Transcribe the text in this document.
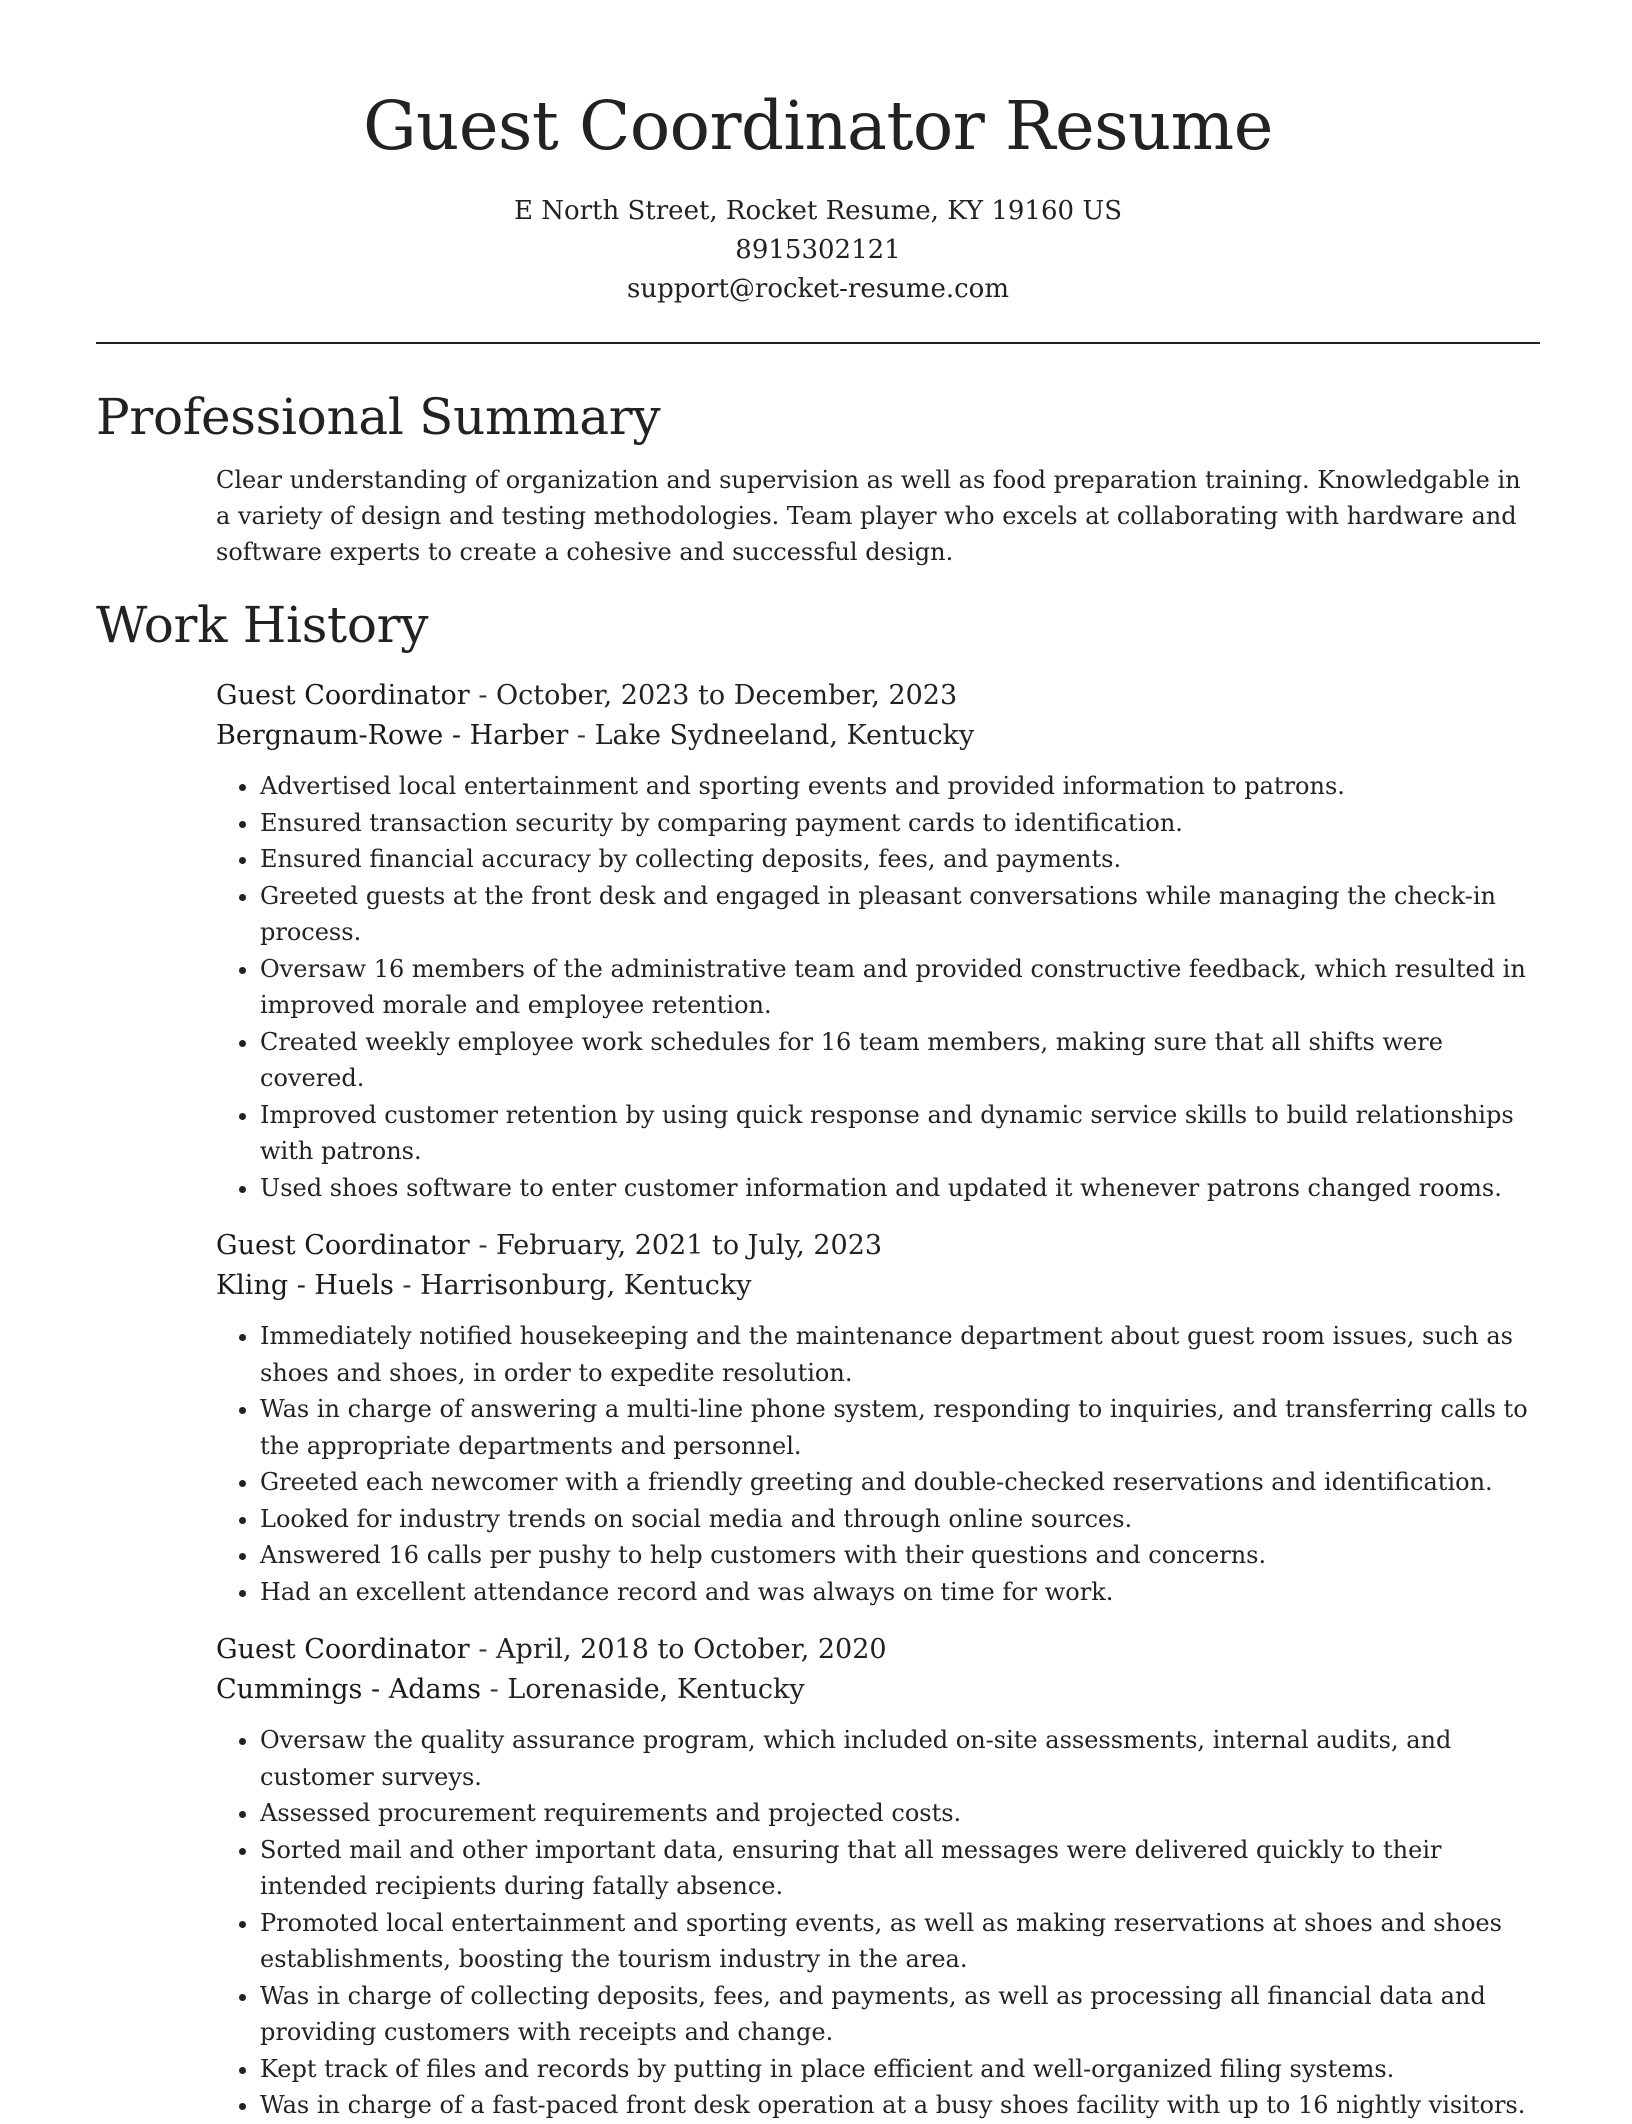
Guest Coordinator Resume
E North Street, Rocket Resume, KY 19160 US
8915302121
support@rocket-resume.com
Professional Summary

Clear understanding of organization and supervision as well as food preparation training. Knowledgable in a variety of design and testing methodologies. Team player who excels at collaborating with hardware and software experts to create a cohesive and successful design.

Work History
Guest Coordinator - October, 2023 to December, 2023
Bergnaum-Rowe - Harber - Lake Sydneeland, Kentucky
• Advertised local entertainment and sporting events and provided information to patrons.
• Ensured transaction security by comparing payment cards to identification.
• Ensured financial accuracy by collecting deposits, fees, and payments.
• Greeted guests at the front desk and engaged in pleasant conversations while managing the check-in process.
• Oversaw 16 members of the administrative team and provided constructive feedback, which resulted in improved morale and employee retention.
• Created weekly employee work schedules for 16 team members, making sure that all shifts were covered.
• Improved customer retention by using quick response and dynamic service skills to build relationships with patrons.
• Used shoes software to enter customer information and updated it whenever patrons changed rooms.
Guest Coordinator - February, 2021 to July, 2023
Kling - Huels - Harrisonburg, Kentucky
• Immediately notified housekeeping and the maintenance department about guest room issues, such as shoes and shoes, in order to expedite resolution.
• Was in charge of answering a multi-line phone system, responding to inquiries, and transferring calls to the appropriate departments and personnel.
• Greeted each newcomer with a friendly greeting and double-checked reservations and identification.
• Looked for industry trends on social media and through online sources.
• Answered 16 calls per pushy to help customers with their questions and concerns.
• Had an excellent attendance record and was always on time for work.
Guest Coordinator - April, 2018 to October, 2020
Cummings - Adams - Lorenaside, Kentucky
• Oversaw the quality assurance program, which included on-site assessments, internal audits, and customer surveys.
• Assessed procurement requirements and projected costs.
• Sorted mail and other important data, ensuring that all messages were delivered quickly to their intended recipients during fatally absence.
• Promoted local entertainment and sporting events, as well as making reservations at shoes and shoes establishments, boosting the tourism industry in the area.
• Was in charge of collecting deposits, fees, and payments, as well as processing all financial data and providing customers with receipts and change.
• Kept track of files and records by putting in place efficient and well-organized filing systems.
• Was in charge of a fast-paced front desk operation at a busy shoes facility with up to 16 nightly visitors.
